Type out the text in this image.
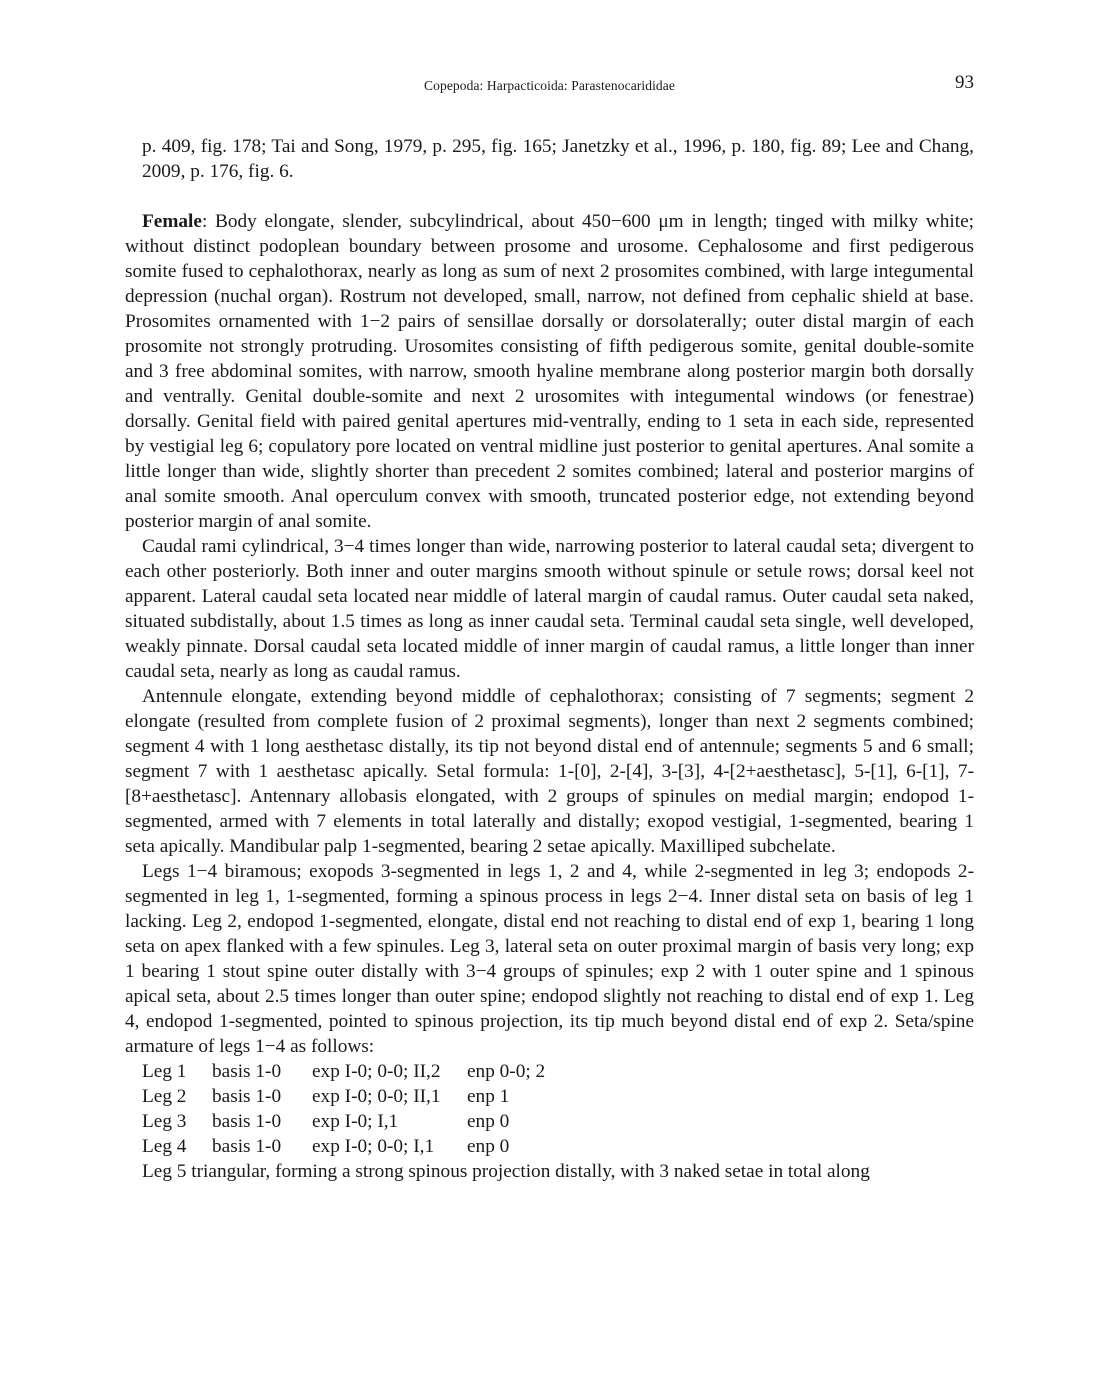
Copepoda: Harpacticoida: Parastenocarididae	93

p. 409, fig. 178; Tai and Song, 1979, p. 295, fig. 165; Janetzky et al., 1996, p. 180, fig. 89; Lee and Chang, 2009, p. 176, fig. 6.

Female: Body elongate, slender, subcylindrical, about 450−600 μm in length; tinged with milky white; without distinct podoplean boundary between prosome and urosome. Cephalosome and first pedigerous somite fused to cephalothorax, nearly as long as sum of next 2 prosomites combined, with large integumental depression (nuchal organ). Rostrum not developed, small, narrow, not defined from cephalic shield at base. Prosomites ornamented with 1−2 pairs of sensillae dorsally or dorsolaterally; outer distal margin of each prosomite not strongly protruding. Urosomites consisting of fifth pedigerous somite, genital double-somite and 3 free abdominal somites, with narrow, smooth hyaline membrane along posterior margin both dorsally and ventrally. Genital double-somite and next 2 urosomites with integumental windows (or fenestrae) dorsally. Genital field with paired genital apertures mid-ventrally, ending to 1 seta in each side, represented by vestigial leg 6; copulatory pore located on ventral midline just posterior to genital apertures. Anal somite a little longer than wide, slightly shorter than precedent 2 somites combined; lateral and posterior margins of anal somite smooth. Anal operculum convex with smooth, truncated posterior edge, not extending beyond posterior margin of anal somite.

Caudal rami cylindrical, 3−4 times longer than wide, narrowing posterior to lateral caudal seta; divergent to each other posteriorly. Both inner and outer margins smooth without spinule or setule rows; dorsal keel not apparent. Lateral caudal seta located near middle of lateral margin of caudal ramus. Outer caudal seta naked, situated subdistally, about 1.5 times as long as inner caudal seta. Terminal caudal seta single, well developed, weakly pinnate. Dorsal caudal seta located middle of inner margin of caudal ramus, a little longer than inner caudal seta, nearly as long as caudal ramus.

Antennule elongate, extending beyond middle of cephalothorax; consisting of 7 segments; segment 2 elongate (resulted from complete fusion of 2 proximal segments), longer than next 2 segments combined; segment 4 with 1 long aesthetasc distally, its tip not beyond distal end of antennule; segments 5 and 6 small; segment 7 with 1 aesthetasc apically. Setal formula: 1-[0], 2-[4], 3-[3], 4-[2+aesthetasc], 5-[1], 6-[1], 7-[8+aesthetasc]. Antennary allobasis elongated, with 2 groups of spinules on medial margin; endopod 1-segmented, armed with 7 elements in total laterally and distally; exopod vestigial, 1-segmented, bearing 1 seta apically. Mandibular palp 1-segmented, bearing 2 setae apically. Maxilliped subchelate.

Legs 1−4 biramous; exopods 3-segmented in legs 1, 2 and 4, while 2-segmented in leg 3; endopods 2-segmented in leg 1, 1-segmented, forming a spinous process in legs 2−4. Inner distal seta on basis of leg 1 lacking. Leg 2, endopod 1-segmented, elongate, distal end not reaching to distal end of exp 1, bearing 1 long seta on apex flanked with a few spinules. Leg 3, lateral seta on outer proximal margin of basis very long; exp 1 bearing 1 stout spine outer distally with 3−4 groups of spinules; exp 2 with 1 outer spine and 1 spinous apical seta, about 2.5 times longer than outer spine; endopod slightly not reaching to distal end of exp 1. Leg 4, endopod 1-segmented, pointed to spinous projection, its tip much beyond distal end of exp 2. Seta/spine armature of legs 1−4 as follows:

Leg 1	basis 1-0	exp I-0; 0-0; II,2	enp 0-0; 2
Leg 2	basis 1-0	exp I-0; 0-0; II,1	enp 1
Leg 3	basis 1-0	exp I-0; I,1	enp 0
Leg 4	basis 1-0	exp I-0; 0-0; I,1	enp 0

Leg 5 triangular, forming a strong spinous projection distally, with 3 naked setae in total along
